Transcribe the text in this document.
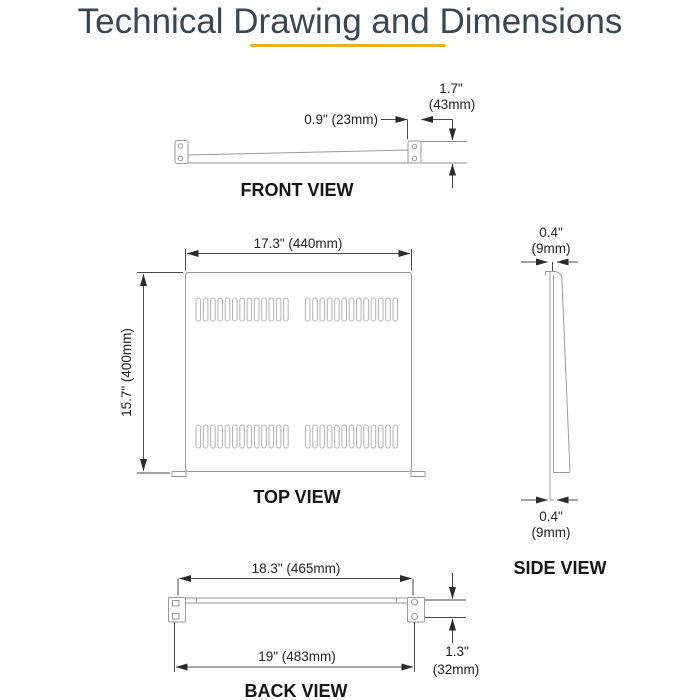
Technical Drawing and Dimensions
0.9" (23mm)
1.7"
(43mm)
FRONT VIEW
17.3" (440mm)
15.7" (400mm)
TOP VIEW
0.4"
(9mm)
0.4"
(9mm)
SIDE VIEW
18.3" (465mm)
19" (483mm)	1.3"
(32mm)
BACK VIEW
